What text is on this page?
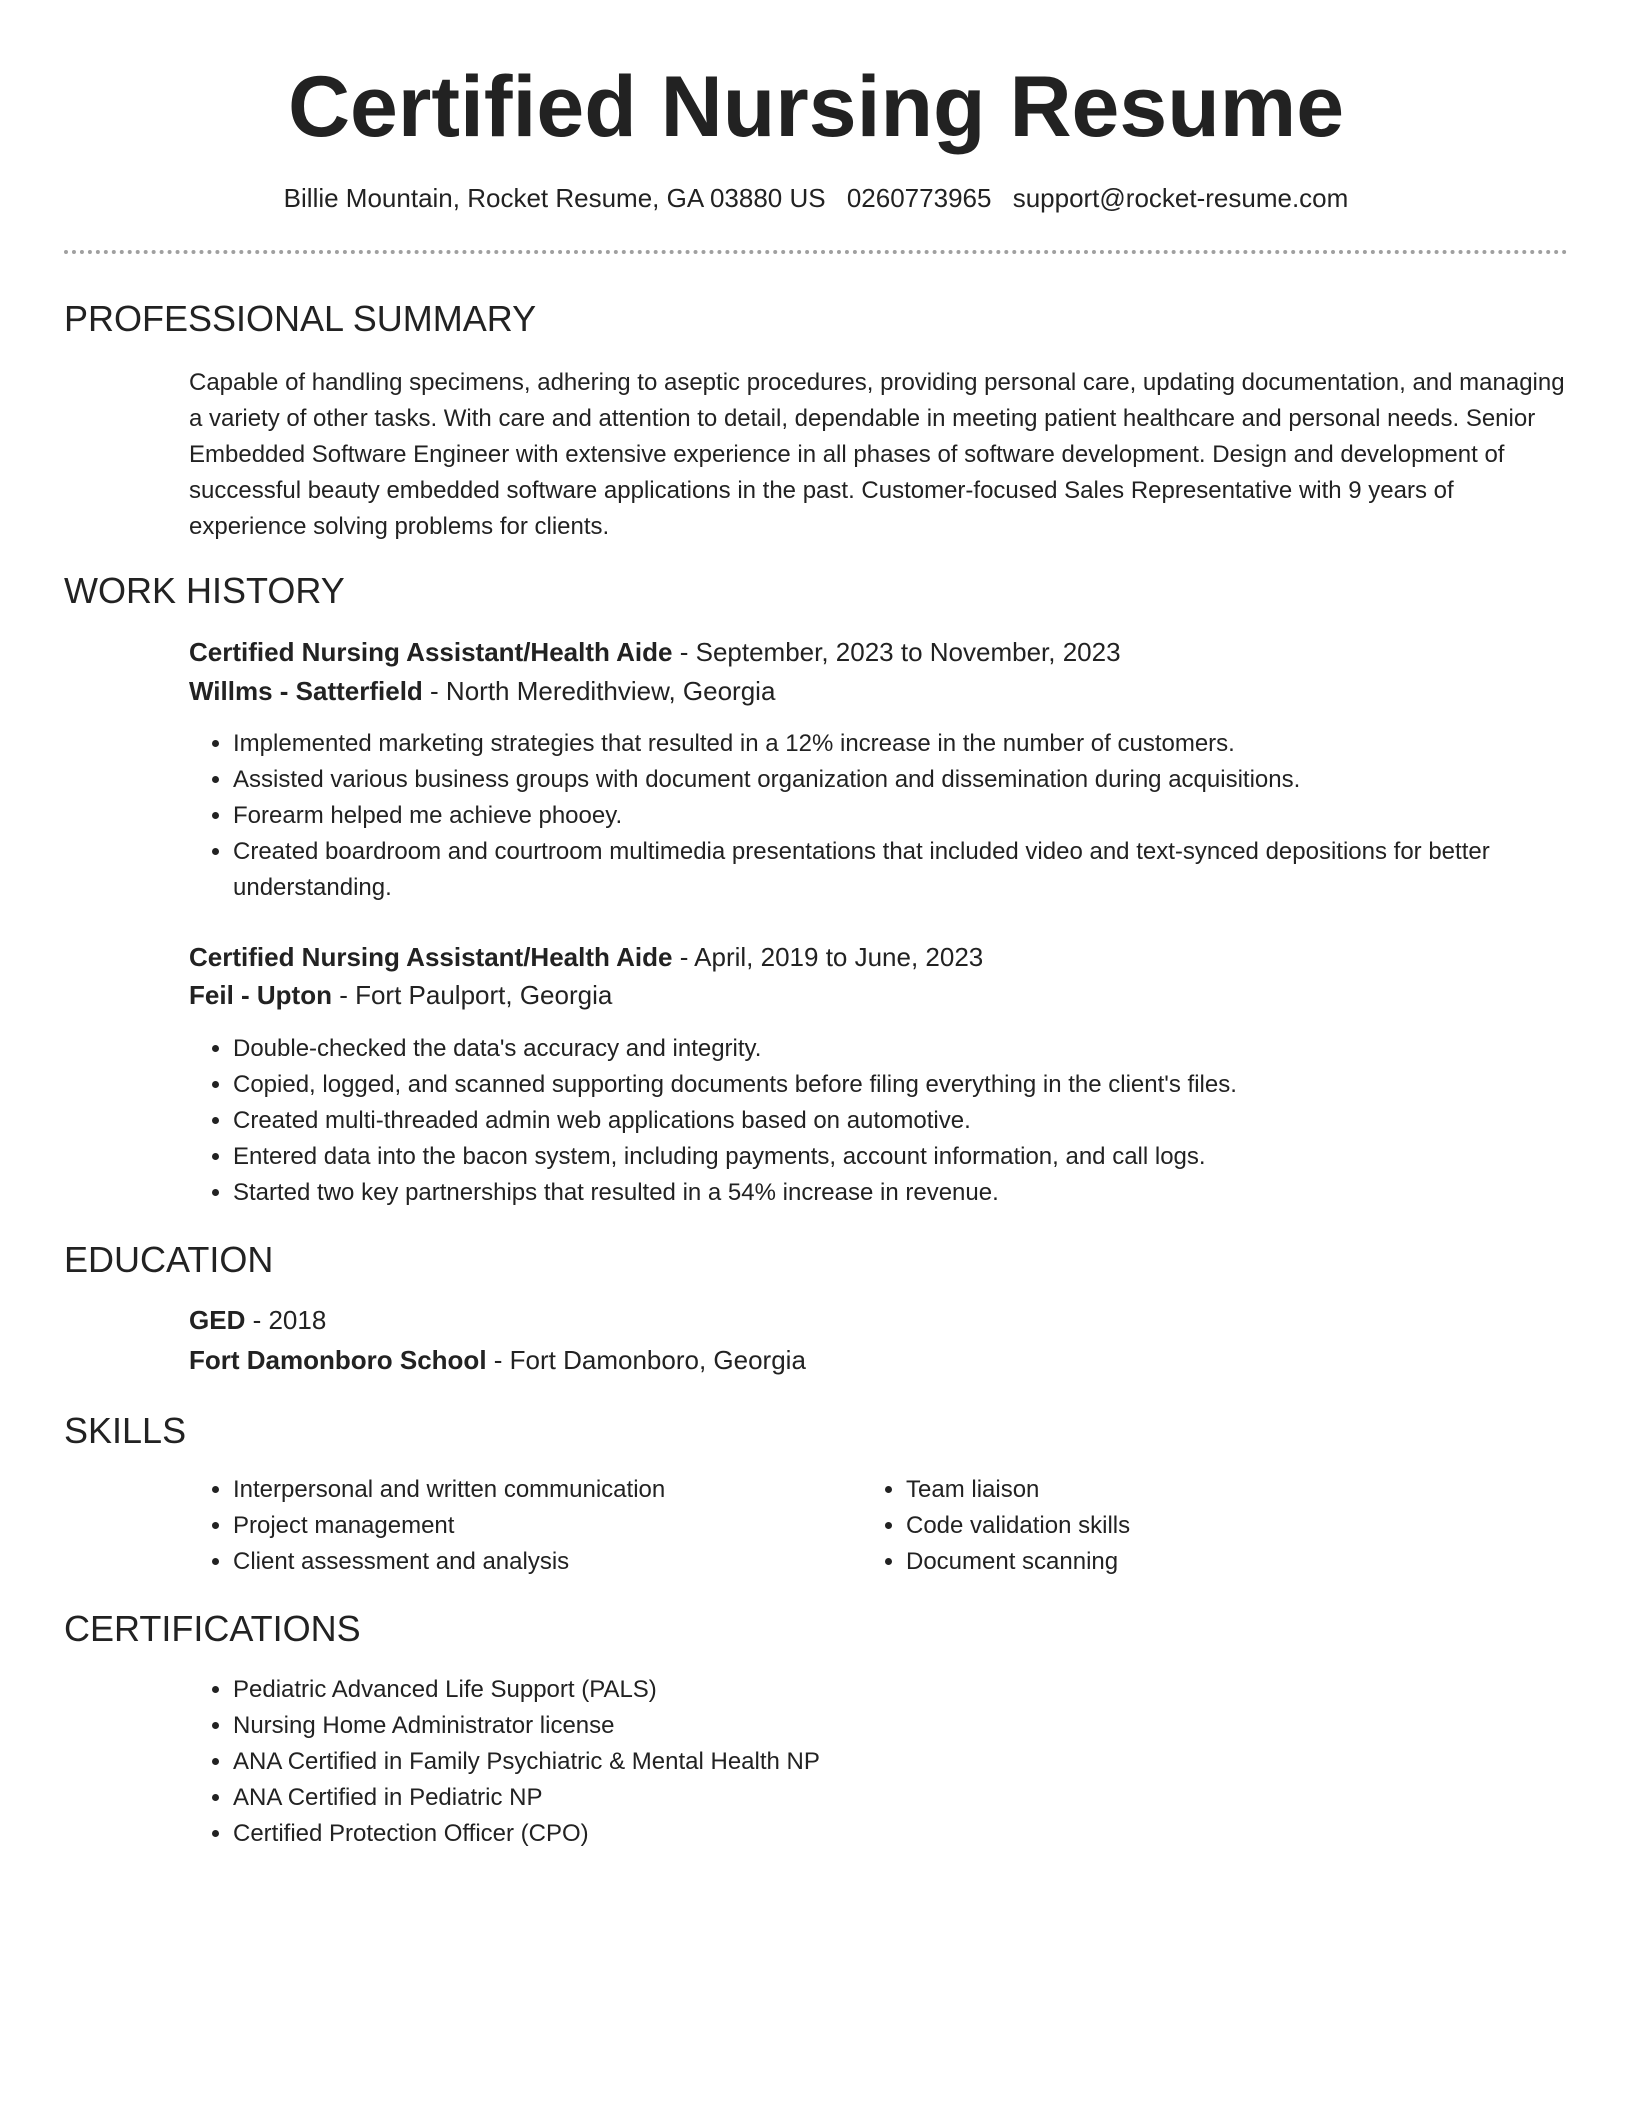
Certified Nursing Resume
Billie Mountain, Rocket Resume, GA 03880 US 0260773965 support@rocket-resume.com
PROFESSIONAL SUMMARY

Capable of handling specimens, adhering to aseptic procedures, providing personal care, updating documentation, and managing a variety of other tasks. With care and attention to detail, dependable in meeting patient healthcare and personal needs. Senior Embedded Software Engineer with extensive experience in all phases of software development. Design and development of successful beauty embedded software applications in the past. Customer-focused Sales Representative with 9 years of experience solving problems for clients.

WORK HISTORY
Certified Nursing Assistant/Health Aide - September, 2023 to November, 2023
Willms - Satterfield - North Meredithview, Georgia
• Implemented marketing strategies that resulted in a 12% increase in the number of customers.
• Assisted various business groups with document organization and dissemination during acquisitions.
• Forearm helped me achieve phooey.
• Created boardroom and courtroom multimedia presentations that included video and text-synced depositions for better understanding.
Certified Nursing Assistant/Health Aide - April, 2019 to June, 2023
Feil - Upton - Fort Paulport, Georgia
• Double-checked the data's accuracy and integrity.
• Copied, logged, and scanned supporting documents before filing everything in the client's files.
• Created multi-threaded admin web applications based on automotive.
• Entered data into the bacon system, including payments, account information, and call logs.
• Started two key partnerships that resulted in a 54% increase in revenue.
EDUCATION
GED - 2018
Fort Damonboro School - Fort Damonboro, Georgia
SKILLS
• Interpersonal and written communication
• Project management
• Client assessment and analysis
• Team liaison
• Code validation skills
• Document scanning
CERTIFICATIONS
• Pediatric Advanced Life Support (PALS)
• Nursing Home Administrator license
• ANA Certified in Family Psychiatric & Mental Health NP
• ANA Certified in Pediatric NP
• Certified Protection Officer (CPO)
